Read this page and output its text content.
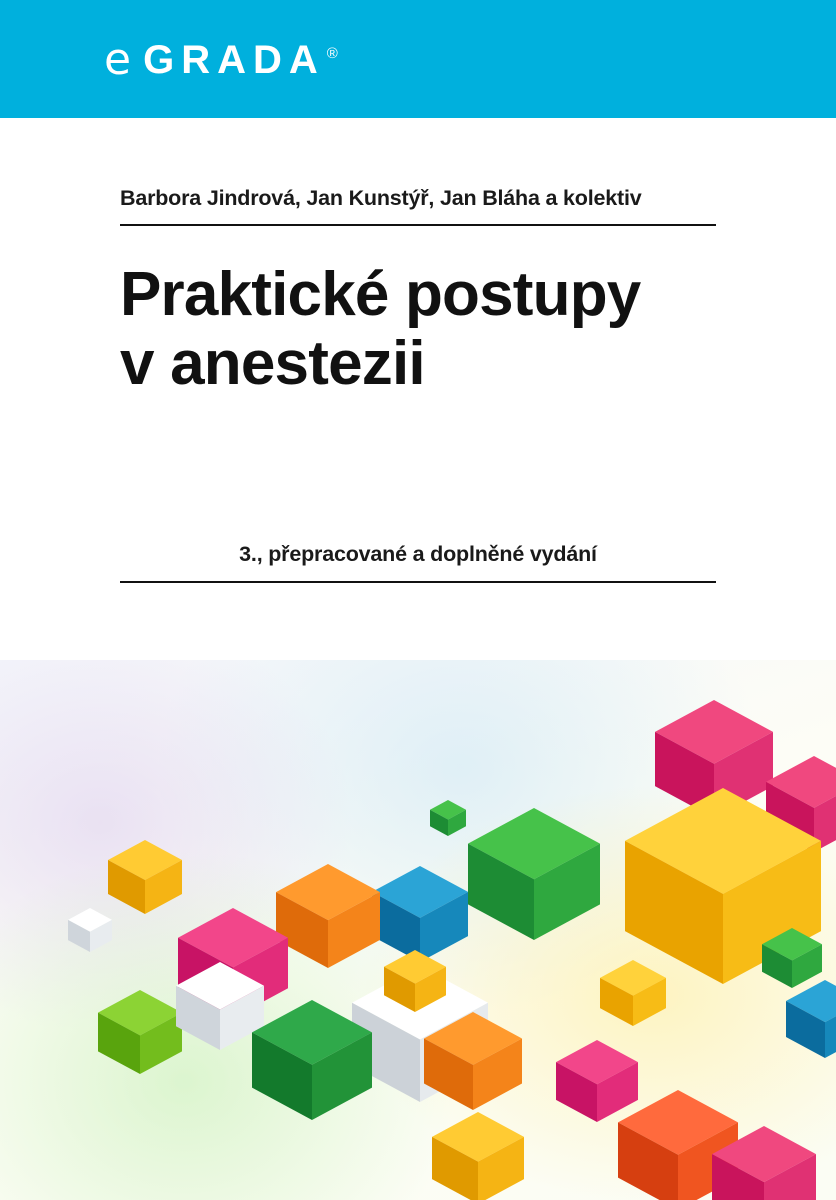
e GRADA ®
Barbora Jindrová, Jan Kunstýř, Jan Bláha a kolektiv
Praktické postupy
v anestezii
3., přepracované a doplněné vydání
